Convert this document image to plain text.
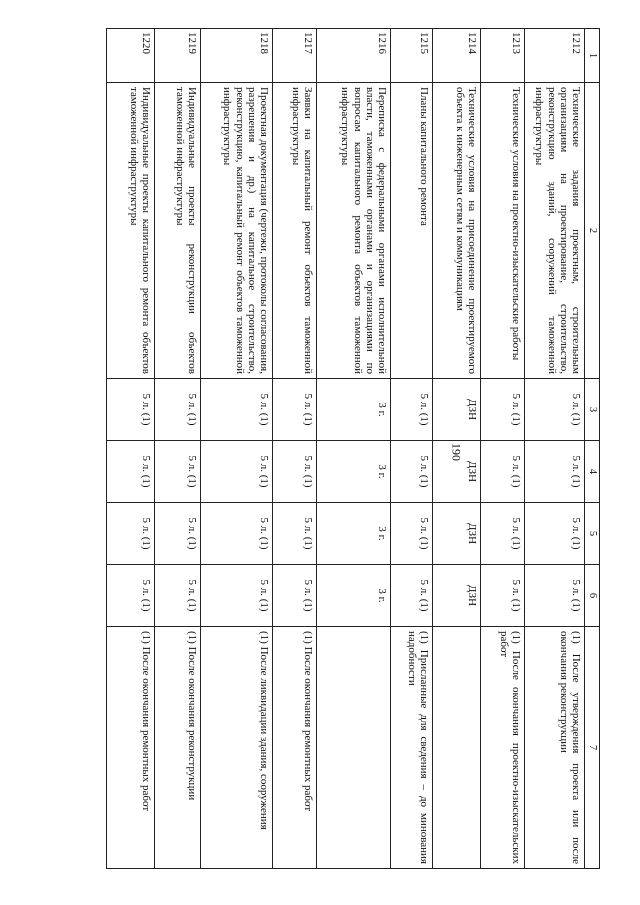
190
1	2	3	4	5	6	7
1212	Технические задания проектным, строительным организациям на проектирование, строительство, реконструкцию зданий, сооружений таможенной инфраструктуры	5 л. (1)	5 л. (1)	5 л. (1)	5 л. (1)	(1) После утверждения проекта или после окончания реконструкции
1213	Технические условия на проектно-изыскательские работы	5 л. (1)	5 л. (1)	5 л. (1)	5 л. (1)	(1) После окончания проектно-изыскательских работ
1214	Технические условия на присоединение проектируемого объекта к инженерным сетям и коммуникациям	ДЗН	ДЗН	ДЗН	ДЗН	
1215	Планы капитального ремонта	5 л. (1)	5 л. (1)	5 л. (1)	5 л. (1)	(1) Присланные для сведения – до минования надобности
1216	Переписка с федеральными органами исполнительной власти, таможенными органами и организациями по вопросам капитального ремонта объектов таможенной инфраструктуры	3 г.	3 г.	3 г.	3 г.	
1217	Заявки на капитальный ремонт объектов таможенной инфраструктуры	5 л. (1)	5 л. (1)	5 л. (1)	5 л. (1)	(1) После окончания ремонтных работ
1218	Проектная документация (чертежи, протоколы согласования, разрешения и др.) на капитальное строительство, реконструкцию, капитальный ремонт объектов таможенной инфраструктуры	5 л. (1)	5 л. (1)	5 л. (1)	5 л. (1)	(1) После ликвидации здания, сооружения
1219	Индивидуальные проекты реконструкции объектов таможенной инфраструктуры	5 л. (1)	5 л. (1)	5 л. (1)	5 л. (1)	(1) После окончания реконструкции
1220	Индивидуальные проекты капитального ремонта объектов таможенной инфраструктуры	5 л. (1)	5 л. (1)	5 л. (1)	5 л. (1)	(1) После окончания ремонтных работ
